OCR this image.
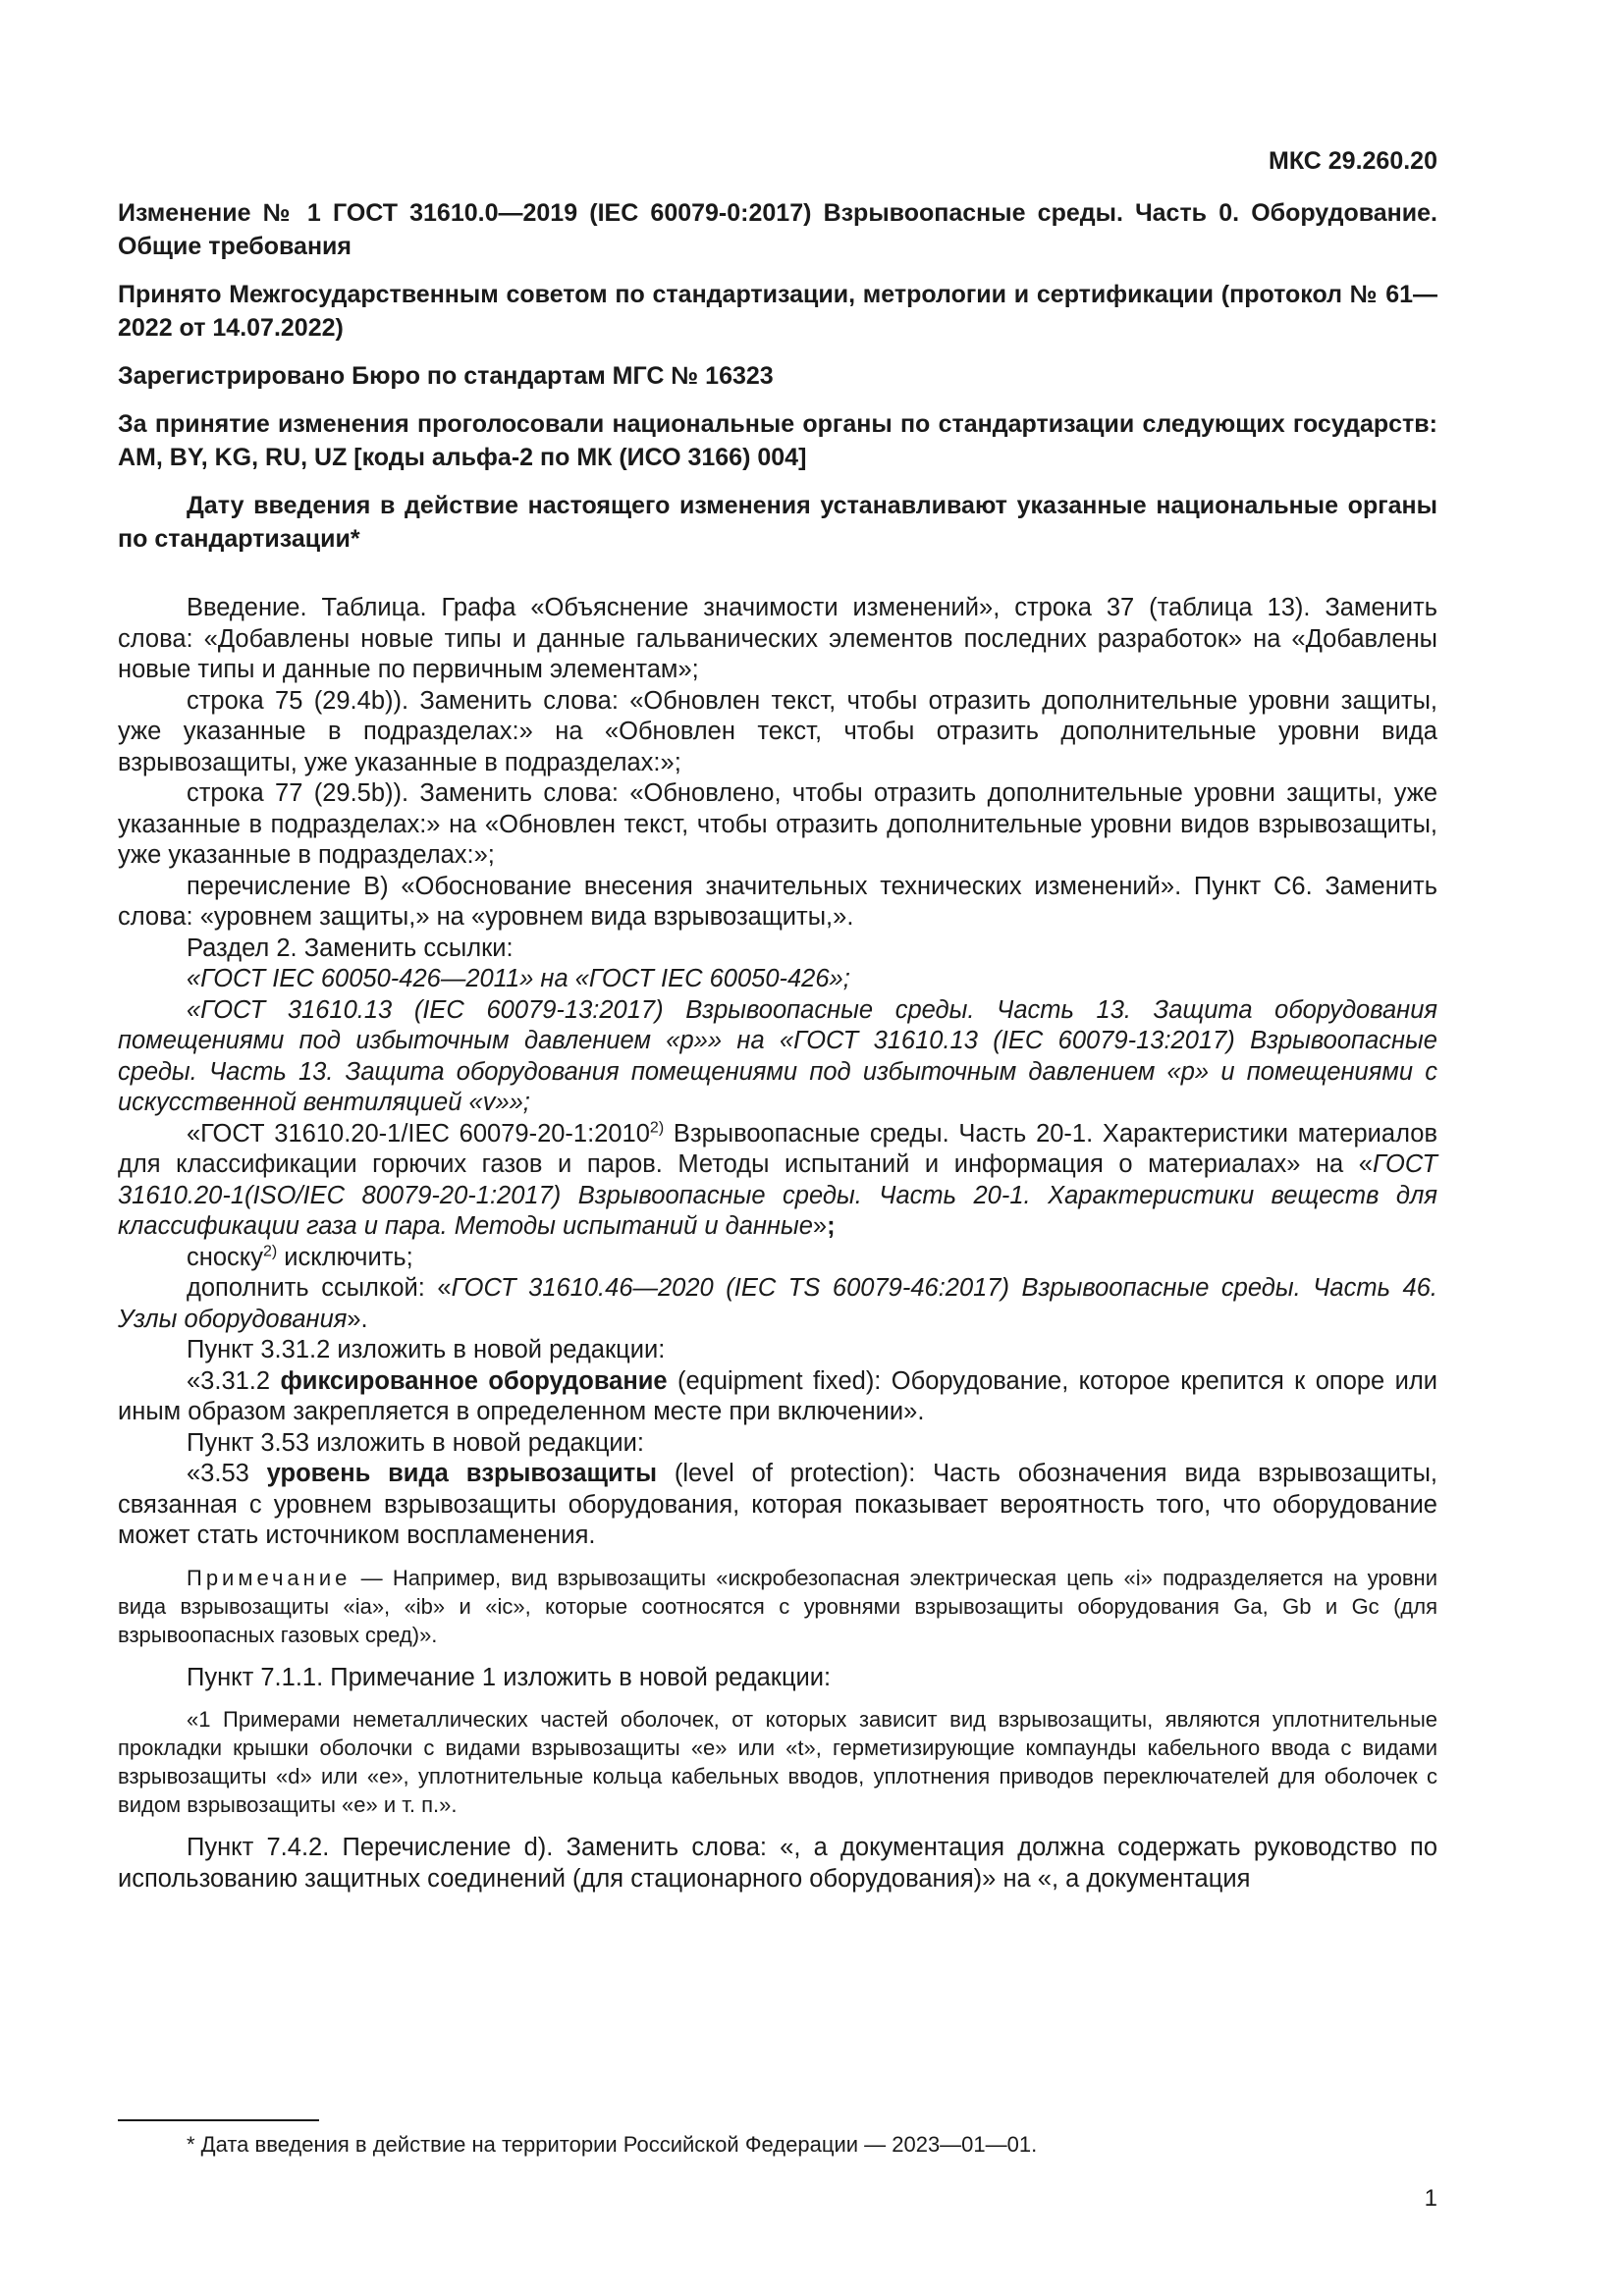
МКС 29.260.20

Изменение № 1 ГОСТ 31610.0—2019 (IEC 60079-0:2017) Взрывоопасные среды. Часть 0. Оборудование. Общие требования

Принято Межгосударственным советом по стандартизации, метрологии и сертификации (протокол № 61—2022 от 14.07.2022)

Зарегистрировано Бюро по стандартам МГС № 16323

За принятие изменения проголосовали национальные органы по стандартизации следующих государств: AM, BY, KG, RU, UZ [коды альфа-2 по МК (ИСО 3166) 004]

Дату введения в действие настоящего изменения устанавливают указанные национальные органы по стандартизации*

Введение. Таблица. Графа «Объяснение значимости изменений», строка 37 (таблица 13). Заменить слова: «Добавлены новые типы и данные гальванических элементов последних разработок» на «Добавлены новые типы и данные по первичным элементам»;

строка 75 (29.4b)). Заменить слова: «Обновлен текст, чтобы отразить дополнительные уровни защиты, уже указанные в подразделах:» на «Обновлен текст, чтобы отразить дополнительные уровни вида взрывозащиты, уже указанные в подразделах:»;

строка 77 (29.5b)). Заменить слова: «Обновлено, чтобы отразить дополнительные уровни защиты, уже указанные в подразделах:» на «Обновлен текст, чтобы отразить дополнительные уровни видов взрывозащиты, уже указанные в подразделах:»;

перечисление B) «Обоснование внесения значительных технических изменений». Пункт C6. Заменить слова: «уровнем защиты,» на «уровнем вида взрывозащиты,».

Раздел 2. Заменить ссылки:

«ГОСТ IEC 60050-426—2011» на «ГОСТ IEC 60050-426»;

«ГОСТ 31610.13 (IEC 60079-13:2017) Взрывоопасные среды. Часть 13. Защита оборудования помещениями под избыточным давлением «р»» на «ГОСТ 31610.13 (IEC 60079-13:2017) Взрывоопасные среды. Часть 13. Защита оборудования помещениями под избыточным давлением «р» и помещениями с искусственной вентиляцией «v»»;

«ГОСТ 31610.20-1/IEC 60079-20-1:2010$^{2)}$ Взрывоопасные среды. Часть 20-1. Характеристики материалов для классификации горючих газов и паров. Методы испытаний и информация о материалах» на «ГОСТ 31610.20-1(ISO/IEC 80079-20-1:2017) Взрывоопасные среды. Часть 20-1. Характеристики веществ для классификации газа и пара. Методы испытаний и данные»;

сноску$^{2)}$ исключить;

дополнить ссылкой: «ГОСТ 31610.46—2020 (IEC TS 60079-46:2017) Взрывоопасные среды. Часть 46. Узлы оборудования».

Пункт 3.31.2 изложить в новой редакции:

«3.31.2 фиксированное оборудование (equipment fixed): Оборудование, которое крепится к опоре или иным образом закрепляется в определенном месте при включении».

Пункт 3.53 изложить в новой редакции:

«3.53 уровень вида взрывозащиты (level of protection): Часть обозначения вида взрывозащиты, связанная с уровнем взрывозащиты оборудования, которая показывает вероятность того, что оборудование может стать источником воспламенения.

Примечание — Например, вид взрывозащиты «искробезопасная электрическая цепь «i» подразделяется на уровни вида взрывозащиты «ia», «ib» и «ic», которые соотносятся с уровнями взрывозащиты оборудования Ga, Gb и Gc (для взрывоопасных газовых сред)».

Пункт 7.1.1. Примечание 1 изложить в новой редакции:

«1 Примерами неметаллических частей оболочек, от которых зависит вид взрывозащиты, являются уплотнительные прокладки крышки оболочки с видами взрывозащиты «е» или «t», герметизирующие компаунды кабельного ввода с видами взрывозащиты «d» или «е», уплотнительные кольца кабельных вводов, уплотнения приводов переключателей для оболочек с видом взрывозащиты «е» и т. п.».

Пункт 7.4.2. Перечисление d). Заменить слова: «, а документация должна содержать руководство по использованию защитных соединений (для стационарного оборудования)» на «, а документация

* Дата введения в действие на территории Российской Федерации — 2023—01—01.
1
